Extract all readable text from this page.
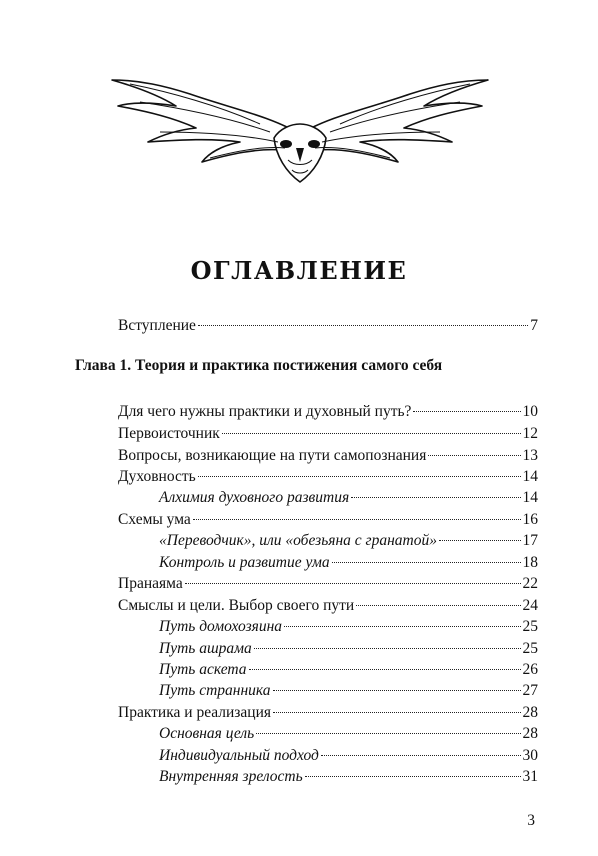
ОГЛАВЛЕНИЕ
Вступление	7
Для чего нужны практики и духовный путь?	10
Первоисточник	12
Вопросы, возникающие на пути самопознания	13
Духовность	14
Алхимия духовного развития	14
Схемы ума	16
«Переводчик», или «обезьяна с гранатой»	17
Контроль и развитие ума	18
Пранаяма	22
Смыслы и цели. Выбор своего пути	24
Путь домохозяина	25
Путь ашрама	25
Путь аскета	26
Путь странника	27
Практика и реализация	28
Основная цель	28
Индивидуальный подход	30
Внутренняя зрелость	31
Глава 1. Теория и практика постижения самого себя
3
